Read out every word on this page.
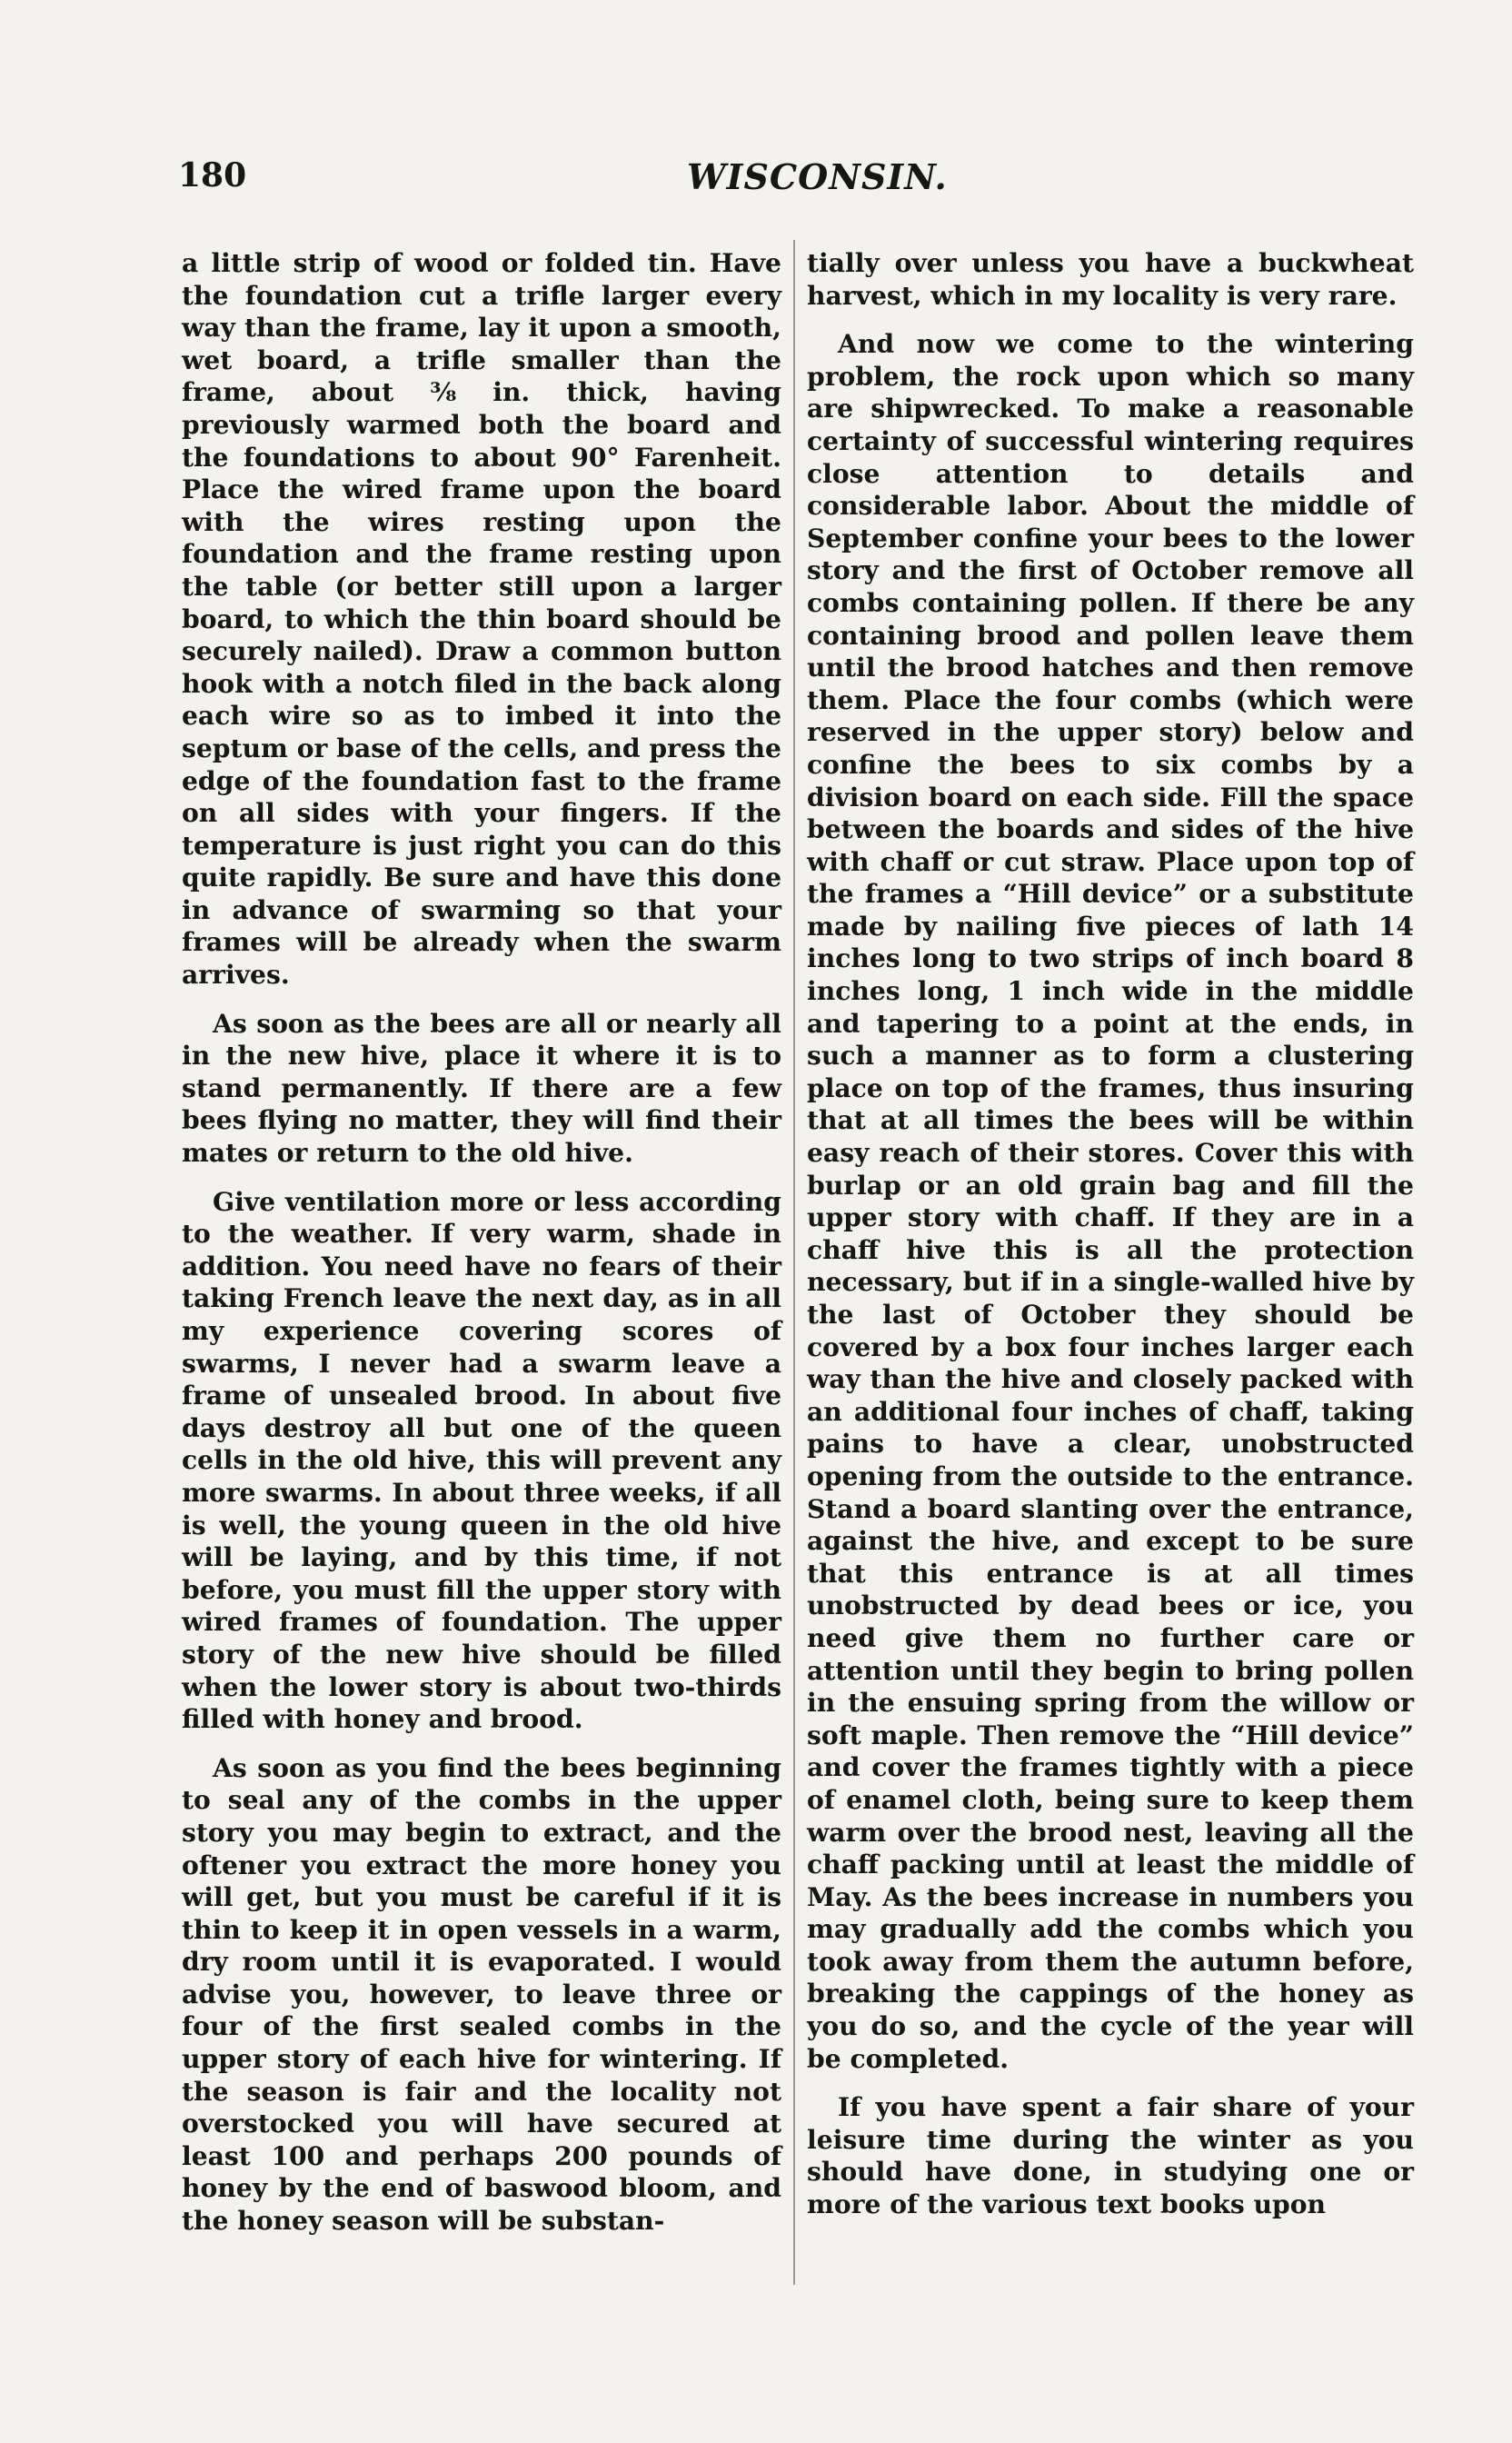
180	WISCONSIN.

a little strip of wood or folded tin. Have the foundation cut a trifle larger every way than the frame, lay it upon a smooth, wet board, a trifle smaller than the frame, about ⅜ in. thick, having previously warmed both the board and the foundations to about 90° Farenheit. Place the wired frame upon the board with the wires resting upon the foundation and the frame resting upon the table (or better still upon a larger board, to which the thin board should be securely nailed). Draw a common button hook with a notch filed in the back along each wire so as to imbed it into the septum or base of the cells, and press the edge of the foundation fast to the frame on all sides with your fingers. If the temperature is just right you can do this quite rapidly. Be sure and have this done in advance of swarming so that your frames will be already when the swarm arrives.

As soon as the bees are all or nearly all in the new hive, place it where it is to stand permanently. If there are a few bees flying no matter, they will find their mates or return to the old hive.

Give ventilation more or less according to the weather. If very warm, shade in addition. You need have no fears of their taking French leave the next day, as in all my experience covering scores of swarms, I never had a swarm leave a frame of unsealed brood. In about five days destroy all but one of the queen cells in the old hive, this will prevent any more swarms. In about three weeks, if all is well, the young queen in the old hive will be laying, and by this time, if not before, you must fill the upper story with wired frames of foundation. The upper story of the new hive should be filled when the lower story is about two-thirds filled with honey and brood.

As soon as you find the bees beginning to seal any of the combs in the upper story you may begin to extract, and the oftener you extract the more honey you will get, but you must be careful if it is thin to keep it in open vessels in a warm, dry room until it is evaporated. I would advise you, however, to leave three or four of the first sealed combs in the upper story of each hive for wintering. If the season is fair and the locality not overstocked you will have secured at least 100 and perhaps 200 pounds of honey by the end of baswood bloom, and the honey season will be substan-

tially over unless you have a buckwheat harvest, which in my locality is very rare.

And now we come to the wintering problem, the rock upon which so many are shipwrecked. To make a reasonable certainty of successful wintering requires close attention to details and considerable labor. About the middle of September confine your bees to the lower story and the first of October remove all combs containing pollen. If there be any containing brood and pollen leave them until the brood hatches and then remove them. Place the four combs (which were reserved in the upper story) below and confine the bees to six combs by a division board on each side. Fill the space between the boards and sides of the hive with chaff or cut straw. Place upon top of the frames a “Hill device” or a substitute made by nailing five pieces of lath 14 inches long to two strips of inch board 8 inches long, 1 inch wide in the middle and tapering to a point at the ends, in such a manner as to form a clustering place on top of the frames, thus insuring that at all times the bees will be within easy reach of their stores. Cover this with burlap or an old grain bag and fill the upper story with chaff. If they are in a chaff hive this is all the protection necessary, but if in a single-walled hive by the last of October they should be covered by a box four inches larger each way than the hive and closely packed with an additional four inches of chaff, taking pains to have a clear, unobstructed opening from the outside to the entrance. Stand a board slanting over the entrance, against the hive, and except to be sure that this entrance is at all times unobstructed by dead bees or ice, you need give them no further care or attention until they begin to bring pollen in the ensuing spring from the willow or soft maple. Then remove the “Hill device” and cover the frames tightly with a piece of enamel cloth, being sure to keep them warm over the brood nest, leaving all the chaff packing until at least the middle of May. As the bees increase in numbers you may gradually add the combs which you took away from them the autumn before, breaking the cappings of the honey as you do so, and the cycle of the year will be completed.

If you have spent a fair share of your leisure time during the winter as you should have done, in studying one or more of the various text books upon
